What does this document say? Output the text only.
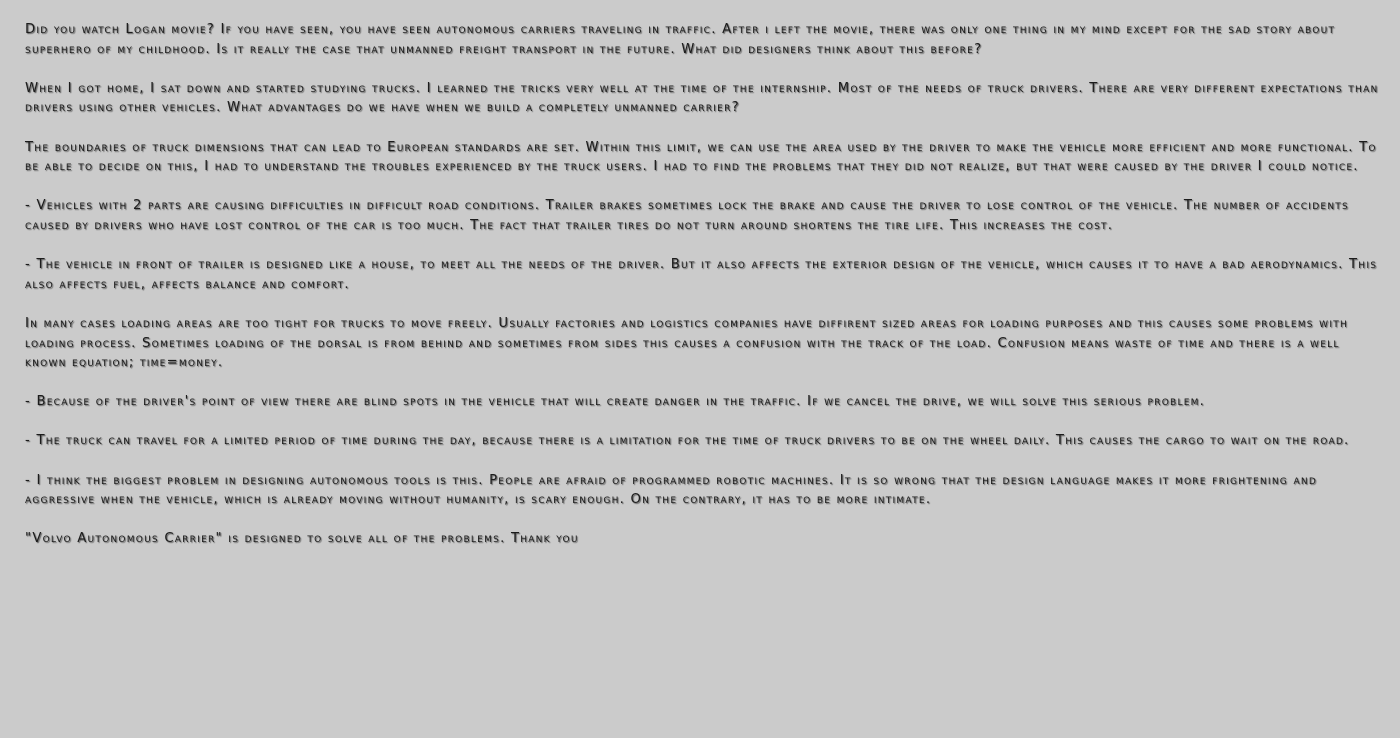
Did you watch Logan movie? If you have seen, you have seen autonomous carriers traveling in traffic. After i left the movie, there was only one thing in my mind except for the sad story about superhero of my childhood. Is it really the case that unmanned freight transport in the future. What did designers think about this before?

When I got home, I sat down and started studying trucks. I learned the tricks very well at the time of the internship. Most of the needs of truck drivers. There are very different expectations than drivers using other vehicles. What advantages do we have when we build a completely unmanned carrier?

The boundaries of truck dimensions that can lead to European standards are set. Within this limit, we can use the area used by the driver to make the vehicle more efficient and more functional. To be able to decide on this, I had to understand the troubles experienced by the truck users. I had to find the problems that they did not realize, but that were caused by the driver I could notice.

- Vehicles with 2 parts are causing difficulties in difficult road conditions. Trailer brakes sometimes lock the brake and cause the driver to lose control of the vehicle. The number of accidents caused by drivers who have lost control of the car is too much. The fact that trailer tires do not turn around shortens the tire life. This increases the cost.

- The vehicle in front of trailer is designed like a house, to meet all the needs of the driver. But it also affects the exterior design of the vehicle, which causes it to have a bad aerodynamics. This also affects fuel, affects balance and comfort.

In many cases loading areas are too tight for trucks to move freely. Usually factories and logistics companies have diffirent sized areas for loading purposes and this causes some problems with loading process. Sometimes loading of the dorsal is from behind and sometimes from sides this causes a confusion with the track of the load. Confusion means waste of time and there is a well known equation; time=money.

- Because of the driver's point of view there are blind spots in the vehicle that will create danger in the traffic. If we cancel the drive, we will solve this serious problem.

- The truck can travel for a limited period of time during the day, because there is a limitation for the time of truck drivers to be on the wheel daily. This causes the cargo to wait on the road.

- I think the biggest problem in designing autonomous tools is this. People are afraid of programmed robotic machines. It is so wrong that the design language makes it more frightening and aggressive when the vehicle, which is already moving without humanity, is scary enough. On the contrary, it has to be more intimate.

"Volvo Autonomous Carrier" is designed to solve all of the problems. Thank you
